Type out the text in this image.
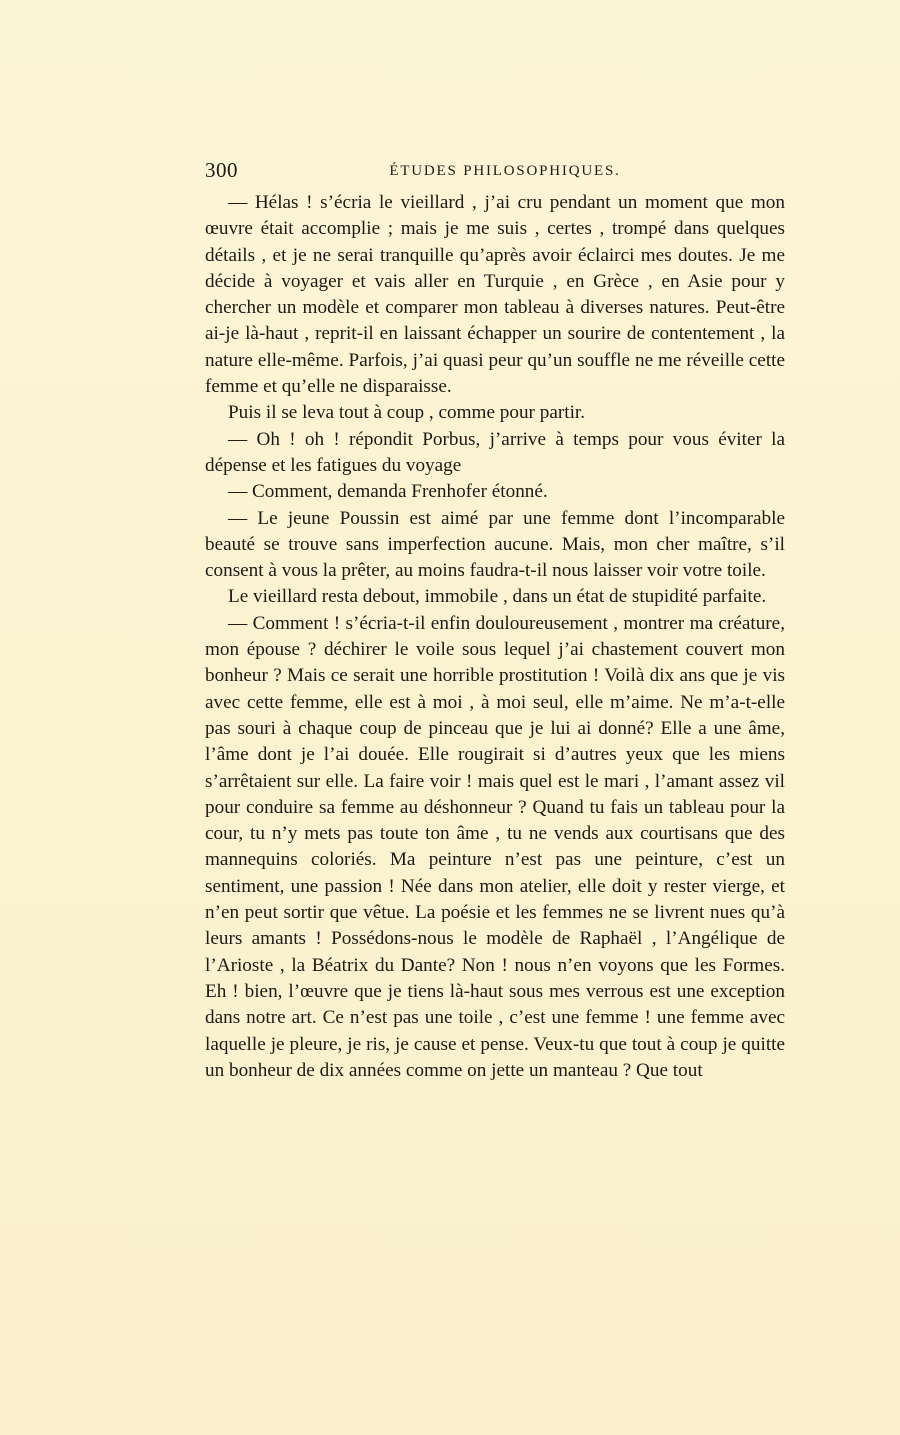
300	ÉTUDES PHILOSOPHIQUES.

— Hélas ! s’écria le vieillard , j’ai cru pendant un moment que mon œuvre était accomplie ; mais je me suis , certes , trompé dans quelques détails , et je ne serai tranquille qu’après avoir éclairci mes doutes. Je me décide à voyager et vais aller en Turquie , en Grèce , en Asie pour y chercher un modèle et comparer mon tableau à diverses natures. Peut-être ai-je là-haut , reprit-il en laissant échapper un sourire de contentement , la nature elle-même. Parfois, j’ai quasi peur qu’un souffle ne me réveille cette femme et qu’elle ne disparaisse.

Puis il se leva tout à coup , comme pour partir.

— Oh ! oh ! répondit Porbus, j’arrive à temps pour vous éviter la dépense et les fatigues du voyage

— Comment, demanda Frenhofer étonné.

— Le jeune Poussin est aimé par une femme dont l’incomparable beauté se trouve sans imperfection aucune. Mais, mon cher maître, s’il consent à vous la prêter, au moins faudra-t-il nous laisser voir votre toile.

Le vieillard resta debout, immobile , dans un état de stupidité parfaite.

— Comment ! s’écria-t-il enfin douloureusement , montrer ma créature, mon épouse ? déchirer le voile sous lequel j’ai chastement couvert mon bonheur ? Mais ce serait une horrible prostitution ! Voilà dix ans que je vis avec cette femme, elle est à moi , à moi seul, elle m’aime. Ne m’a-t-elle pas souri à chaque coup de pinceau que je lui ai donné? Elle a une âme, l’âme dont je l’ai douée. Elle rougirait si d’autres yeux que les miens s’arrêtaient sur elle. La faire voir ! mais quel est le mari , l’amant assez vil pour conduire sa femme au déshonneur ? Quand tu fais un tableau pour la cour, tu n’y mets pas toute ton âme , tu ne vends aux courtisans que des mannequins coloriés. Ma peinture n’est pas une peinture, c’est un sentiment, une passion ! Née dans mon atelier, elle doit y rester vierge, et n’en peut sortir que vêtue. La poésie et les femmes ne se livrent nues qu’à leurs amants ! Possédons-nous le modèle de Raphaël , l’Angélique de l’Arioste , la Béatrix du Dante? Non ! nous n’en voyons que les Formes. Eh ! bien, l’œuvre que je tiens là-haut sous mes verrous est une exception dans notre art. Ce n’est pas une toile , c’est une femme ! une femme avec laquelle je pleure, je ris, je cause et pense. Veux-tu que tout à coup je quitte un bonheur de dix années comme on jette un manteau ? Que tout
